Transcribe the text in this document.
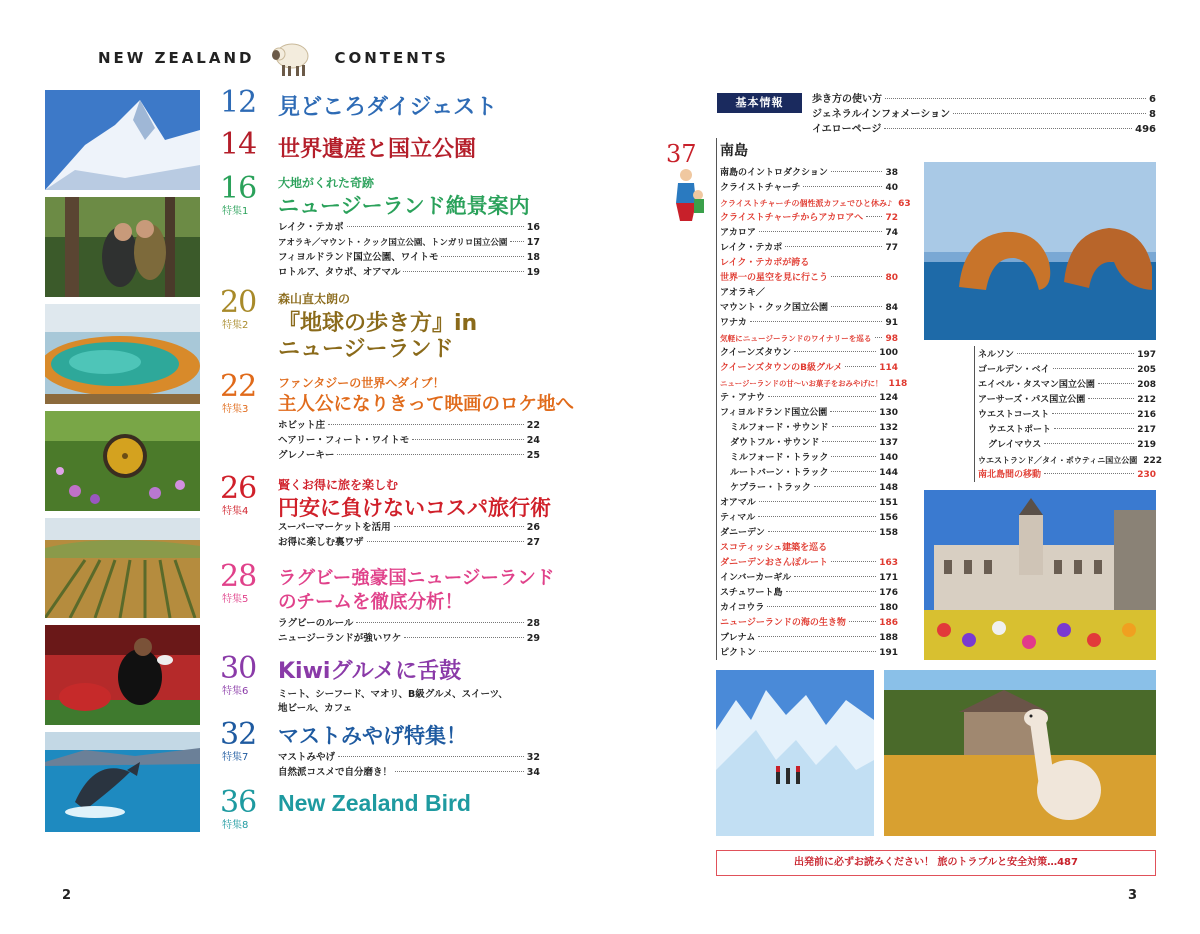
NEW ZEALAND	CONTENTS
12 見どころダイジェスト
14 世界遺産と国立公園
16
特集1
大地がくれた奇跡
ニュージーランド絶景案内
レイク・テカポ	16
アオラキ／マウント・クック国立公園、トンガリロ国立公園 17
フィヨルドランド国立公園、ワイトモ	18
ロトルア、タウポ、オアマル	19
20
特集2
森山直太朗の
『地球の歩き方』in
ニュージーランド
22
特集3
ファンタジーの世界へダイブ！
主人公になりきって映画のロケ地へ
ホビット庄	22
ヘアリー・フィート・ワイトモ	24
グレノーキー	25
26
特集4
賢くお得に旅を楽しむ
円安に負けないコスパ旅行術
スーパーマーケットを活用	26
お得に楽しむ裏ワザ	27
28
特集5
ラグビー強豪国ニュージーランド
のチームを徹底分析！
ラグビーのルール	28
ニュージーランドが強いワケ	29
30
特集6
Kiwiグルメに舌鼓
ミート、シーフード、マオリ、B級グルメ、スイーツ、
地ビール、カフェ
32
特集7
マストみやげ特集！
マストみやげ	32
自然派コスメで自分磨き！	34
36
特集8
New Zealand Bird
2	3
基本情報	歩き方の使い方	6
ジェネラルインフォメーション	8
イエローページ	496
37 南島
南島のイントロダクション	38
クライストチャーチ	40
クライストチャーチの個性派カフェでひと休み♪ 63
クライストチャーチからアカロアへ 72
アカロア	74
レイク・テカポ	77
レイク・テカポが誇る
世界一の星空を見に行こう	80
アオラキ／
マウント・クック国立公園	84
ワナカ	91
気軽にニュージーランドのワイナリーを巡る 98
クイーンズタウン	100
クイーンズタウンのB級グルメ	114
ニュージーランドの甘～いお菓子をおみやげに！ 118
テ・アナウ	124
フィヨルドランド国立公園	130
ミルフォード・サウンド	132
ダウトフル・サウンド	137
ミルフォード・トラック	140
ルートバーン・トラック	144
ケプラー・トラック	148
オアマル	151
ティマル	156
ダニーデン	158
スコティッシュ建築を巡る
ダニーデンおさんぽルート	163
インバーカーギル	171
スチュワート島	176
カイコウラ	180
ニュージーランドの海の生き物	186
ブレナム	188
ピクトン	191
ネルソン	197
ゴールデン・ベイ	205
エイベル・タスマン国立公園	208
アーサーズ・パス国立公園	212
ウエストコースト	216
ウエストポート	217
グレイマウス	219
ウエストランド／タイ・ポウティニ国立公園 222
南北島間の移動	230
出発前に必ずお読みください！ 旅のトラブルと安全対策…487
